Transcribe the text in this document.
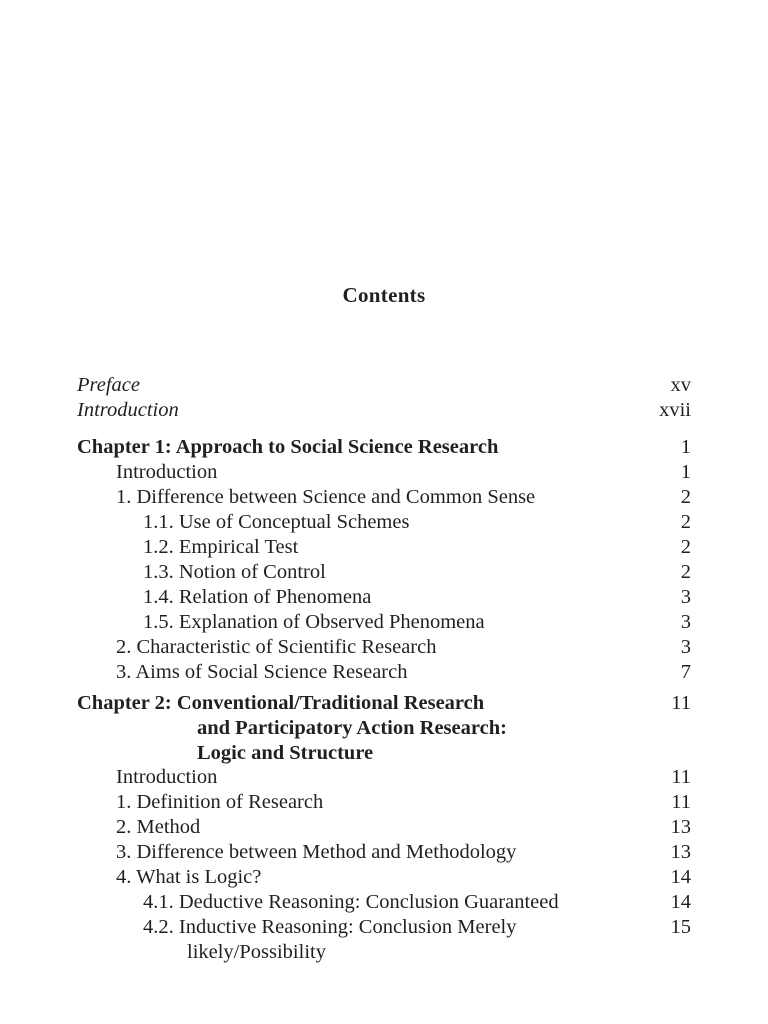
Contents
Preface	xv
Introduction	xvii
Chapter 1: Approach to Social Science Research	1
Introduction	1
1. Difference between Science and Common Sense	2
1.1. Use of Conceptual Schemes	2
1.2. Empirical Test	2
1.3. Notion of Control	2
1.4. Relation of Phenomena	3
1.5. Explanation of Observed Phenomena	3
2. Characteristic of Scientific Research	3
3. Aims of Social Science Research	7
Chapter 2: Conventional/Traditional Research	11
and Participatory Action Research:
Logic and Structure
Introduction	11
1. Definition of Research	11
2. Method	13
3. Difference between Method and Methodology	13
4. What is Logic?	14
4.1. Deductive Reasoning: Conclusion Guaranteed	14
4.2. Inductive Reasoning: Conclusion Merely	15
likely/Possibility
